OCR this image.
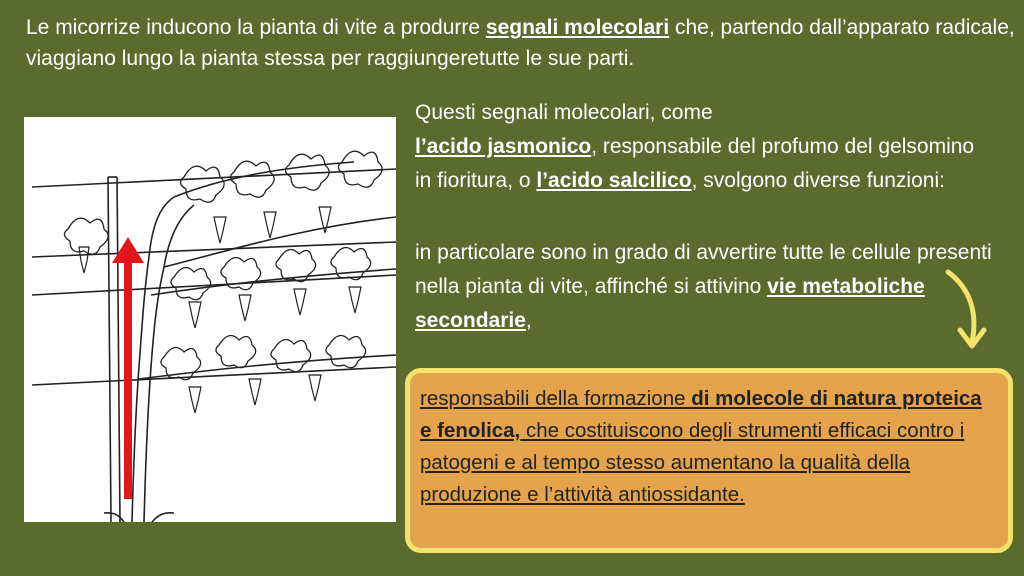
Le micorrize inducono la pianta di vite a produrre segnali molecolari che, partendo dall’apparato radicale, viaggiano lungo la pianta stessa per raggiungeretutte le sue parti.

Questi segnali molecolari, come
l’acido jasmonico, responsabile del profumo del gelsomino in fioritura, o l’acido salcilico, svolgono diverse funzioni:

in particolare sono in grado di avvertire tutte le cellule presenti nella pianta di vite, affinché si attivino vie metaboliche secondarie,

responsabili della formazione di molecole di natura proteica e fenolica, che costituiscono degli strumenti efficaci contro i patogeni e al tempo stesso aumentano la qualità della produzione e l’attività antiossidante.
